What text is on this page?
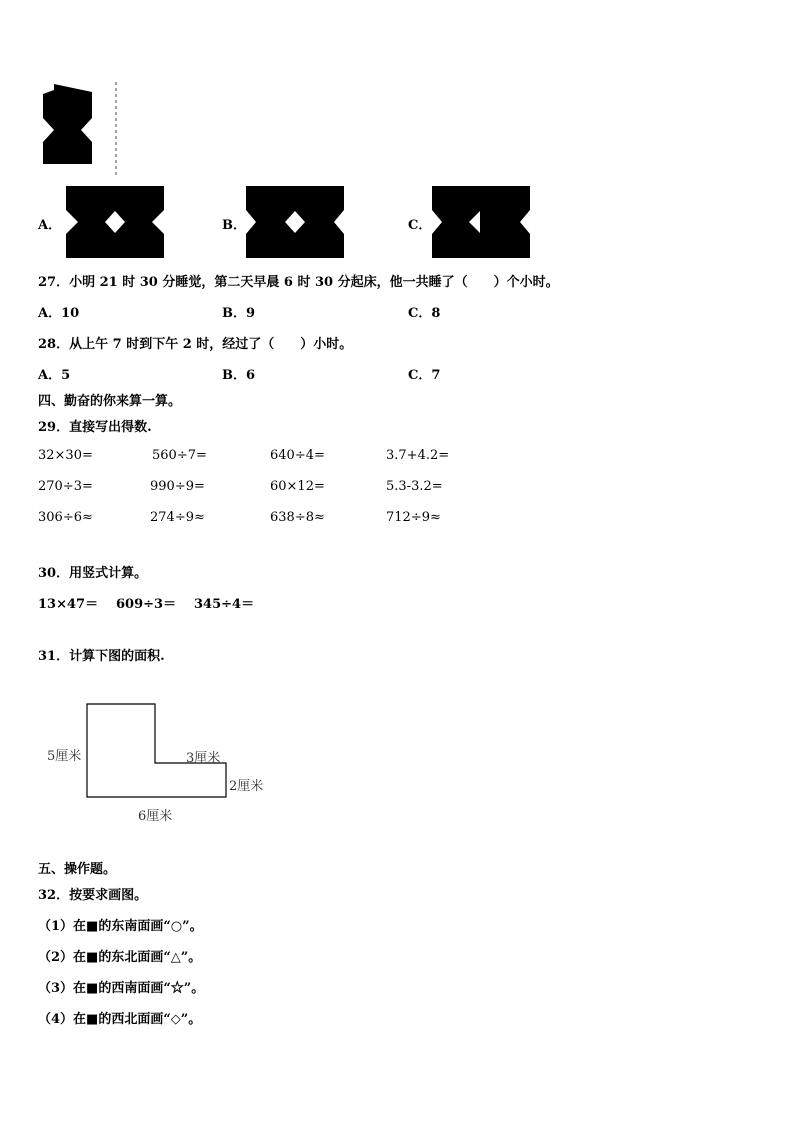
A．	B．	C．
27．小明 21 时 30 分睡觉，第二天早晨 6 时 30 分起床，他一共睡了（　　）个小时。
A．10	B．9	C．8
28．从上午 7 时到下午 2 时，经过了（　　）小时。
A．5	B．6	C．7
四、勤奋的你来算一算。
29．直接写出得数.
32×30=	560÷7=	640÷4=	3.7+4.2=
270÷3=	990÷9=	60×12=	5.3-3.2=
306÷6≈	274÷9≈	638÷8≈	712÷9≈
30．用竖式计算。
13×47＝ 609÷3＝ 345÷4＝
31．计算下图的面积.
5厘米	3厘米
2厘米
6厘米
五、操作题。
32．按要求画图。
（1）在■的东南面画“○”。
（2）在■的东北面画“△”。
（3）在■的西南面画“☆”。
（4）在■的西北面画“◇”。
